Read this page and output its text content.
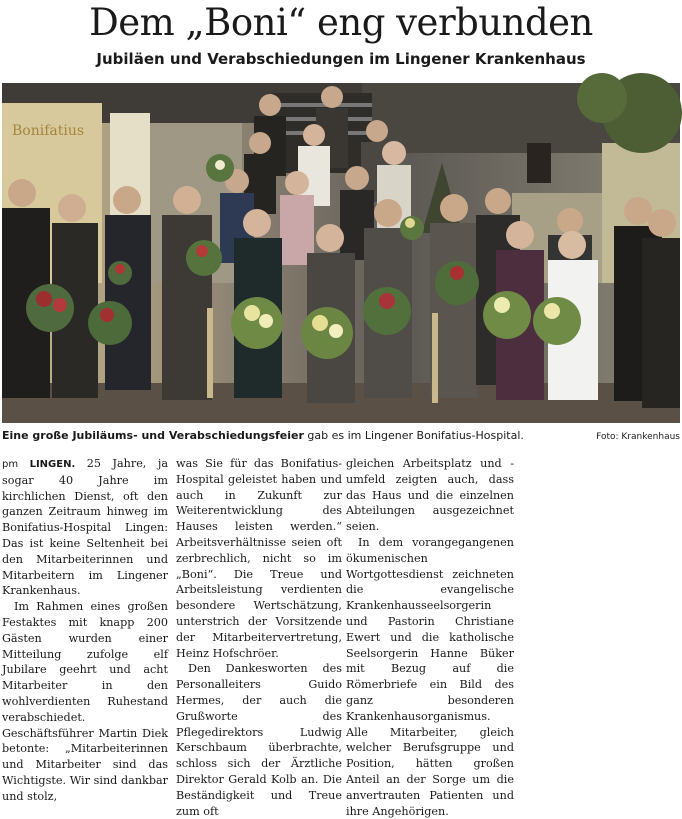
Dem „Boni“ eng verbunden
Jubiläen und Verabschiedungen im Lingener Krankenhaus
Bonifatius
Eine große Jubiläums- und Verabschiedungsfeier gab es im Lingener Bonifatius-Hospital.	Foto: Krankenhaus

pm LINGEN. 25 Jahre, ja sogar 40 Jahre im kirchlichen Dienst, oft den ganzen Zeitraum hinweg im Bonifatius-Hospital Lingen: Das ist keine Seltenheit bei den Mitarbeiterinnen und Mitarbeitern im Lingener Krankenhaus.

Im Rahmen eines großen Festaktes mit knapp 200 Gästen wurden einer Mitteilung zufolge elf Jubilare geehrt und acht Mitarbeiter in den wohlverdienten Ruhestand verabschiedet. Geschäftsführer Martin Diek betonte: „Mitarbeiterinnen und Mitarbeiter sind das Wichtigste. Wir sind dankbar und stolz,

was Sie für das Bonifatius-Hospital geleistet haben und auch in Zukunft zur Weiterentwicklung des Hauses leisten werden.“ Arbeitsverhältnisse seien oft zerbrechlich, nicht so im „Boni“. Die Treue und Arbeitsleistung verdienten besondere Wertschätzung, unterstrich der Vorsitzende der Mitarbeitervertretung, Heinz Hofschröer.

Den Dankesworten des Personalleiters Guido Hermes, der auch die Grußworte des Pflegedirektors Ludwig Kerschbaum überbrachte, schloss sich der Ärztliche Direktor Gerald Kolb an. Die Beständigkeit und Treue zum oft

gleichen Arbeitsplatz und -umfeld zeigten auch, dass das Haus und die einzelnen Abteilungen ausgezeichnet seien.

In dem vorangegangenen ökumenischen Wortgottesdienst zeichneten die evangelische Krankenhausseelsorgerin und Pastorin Christiane Ewert und die katholische Seelsorgerin Hanne Büker mit Bezug auf die Römerbriefe ein Bild des ganz besonderen Krankenhausorganismus. Alle Mitarbeiter, gleich welcher Berufsgruppe und Position, hätten großen Anteil an der Sorge um die anvertrauten Patienten und ihre Angehörigen.
